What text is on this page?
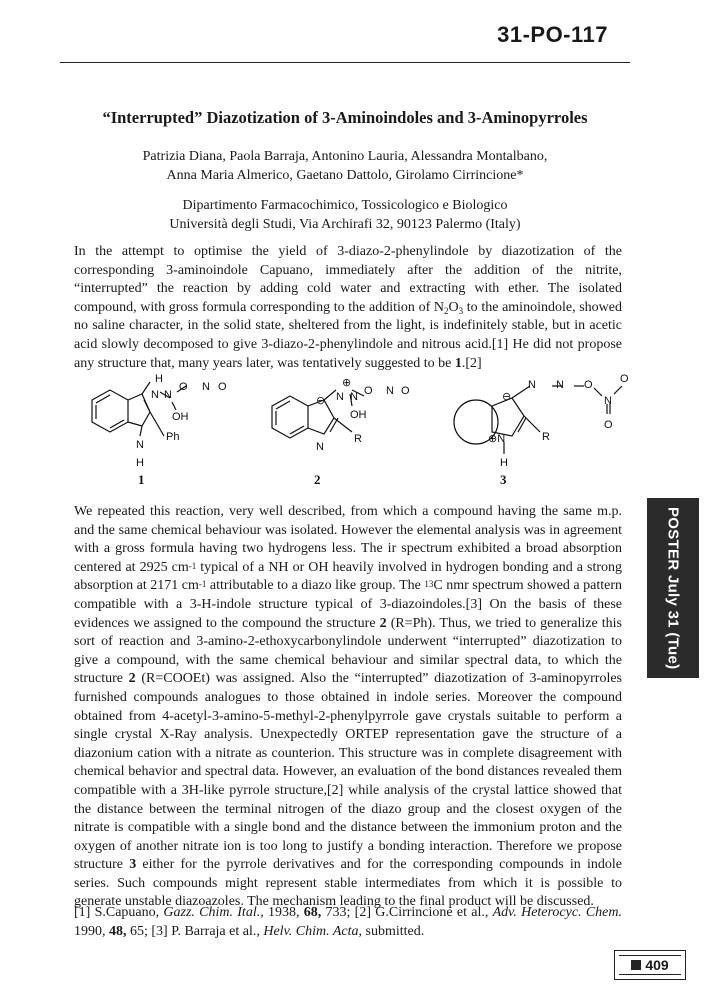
31-PO-117
“Interrupted” Diazotization of 3-Aminoindoles and 3-Aminopyrroles
Patrizia Diana, Paola Barraja, Antonino Lauria, Alessandra Montalbano,
Anna Maria Almerico, Gaetano Dattolo, Girolamo Cirrincione*
Dipartimento Farmacochimico, Tossicologico e Biologico
Università degli Studi, Via Archirafi 32, 90123 Palermo (Italy)

In the attempt to optimise the yield of 3-diazo-2-phenylindole by diazotization of the corresponding 3-aminoindole Capuano, immediately after the addition of the nitrite, “interrupted” the reaction by adding cold water and extracting with ether. The isolated compound, with gross formula corresponding to the addition of $N_2O_3$ to the aminoindole, showed no saline character, in the solid state, sheltered from the light, is indefinitely stable, but in acetic acid slowly decomposed to give 3-diazo-2-phenylindole and nitrous acid.[1] He did not propose any structure that, many years later, was tentatively suggested to be 1.[2]

H
N N
O N O
OH
N
H
Ph
1
⊕
⊖ N N O N O
OH
N
R
2
⊖
N N O
N
O
O
⊕N
H
R
3

We repeated this reaction, very well described, from which a compound having the same m.p. and the same chemical behaviour was isolated. However the elemental analysis was in agreement with a gross formula having two hydrogens less. The ir spectrum exhibited a broad absorption centered at 2925 $cm^{-1}$ typical of a NH or OH heavily involved in hydrogen bonding and a strong absorption at 2171 $cm^{-1}$ attributable to a diazo like group. The $^{13}$C nmr spectrum showed a pattern compatible with a 3-H-indole structure typical of 3-diazoindoles.[3] On the basis of these evidences we assigned to the compound the structure 2 (R=Ph). Thus, we tried to generalize this sort of reaction and 3-amino-2-ethoxycarbonylindole underwent “interrupted” diazotization to give a compound, with the same chemical behaviour and similar spectral data, to which the structure 2 (R=COOEt) was assigned. Also the “interrupted” diazotization of 3-aminopyrroles furnished compounds analogues to those obtained in indole series. Moreover the compound obtained from 4-acetyl-3-amino-5-methyl-2-phenylpyrrole gave crystals suitable to perform a single crystal X-Ray analysis. Unexpectedly ORTEP representation gave the structure of a diazonium cation with a nitrate as counterion. This structure was in complete disagreement with chemical behavior and spectral data. However, an evaluation of the bond distances revealed them compatible with a 3H-like pyrrole structure,[2] while analysis of the crystal lattice showed that the distance between the terminal nitrogen of the diazo group and the closest oxygen of the nitrate is compatible with a single bond and the distance between the immonium proton and the oxygen of another nitrate ion is too long to justify a bonding interaction. Therefore we propose structure 3 either for the pyrrole derivatives and for the corresponding compounds in indole series. Such compounds might represent stable intermediates from which it is possible to generate unstable diazoazoles. The mechanism leading to the final product will be discussed.

[1] S.Capuano, Gazz. Chim. Ital., 1938, 68, 733; [2] G.Cirrincione et al., Adv. Heterocyc. Chem. 1990, 48, 65; [3] P. Barraja et al., Helv. Chim. Acta, submitted.

POSTER July 31 (Tue)
409
